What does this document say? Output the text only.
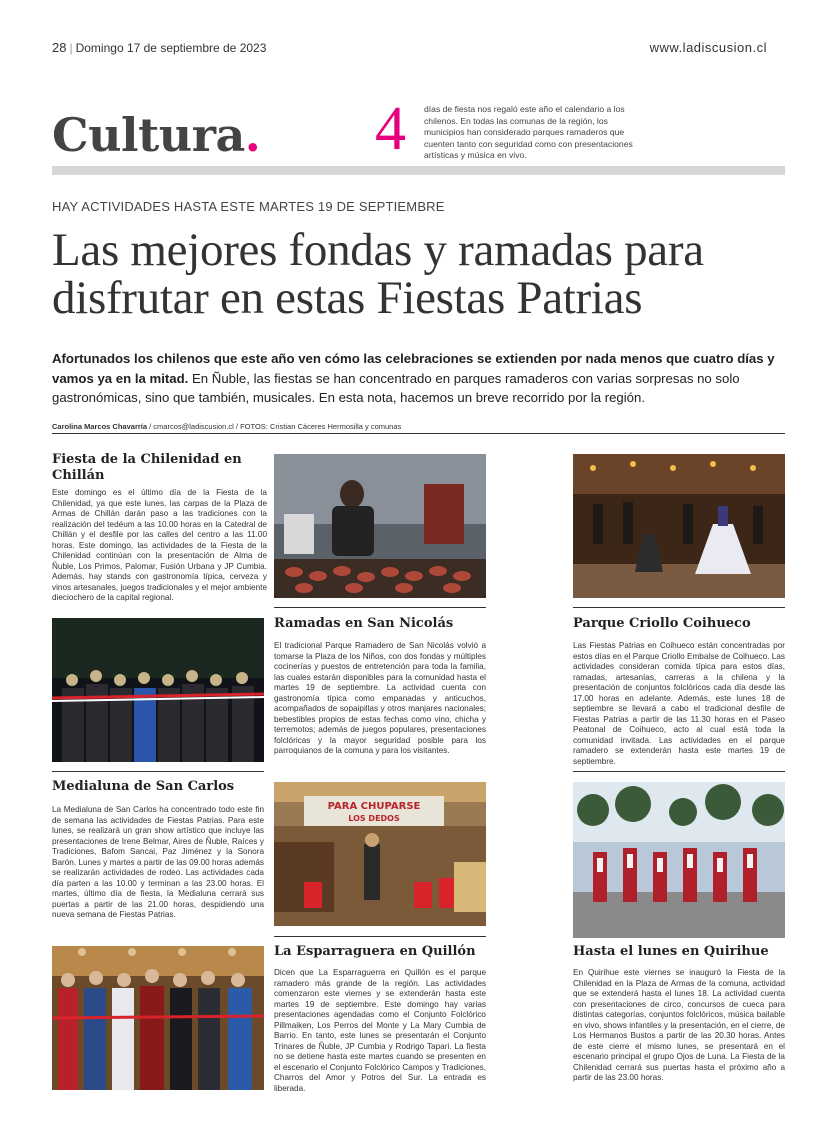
28 | Domingo 17 de septiembre de 2023	www.ladiscusion.cl
Cultura. 4 días de fiesta nos regaló este año el calendario a los chilenos. En todas las comunas de la región, los municipios han considerado parques ramaderos que cuenten tanto con seguridad como con presentaciones artísticas y música en vivo.
HAY ACTIVIDADES HASTA ESTE MARTES 19 DE SEPTIEMBRE
Las mejores fondas y ramadas para disfrutar en estas Fiestas Patrias
Afortunados los chilenos que este año ven cómo las celebraciones se extienden por nada menos que cuatro días y vamos ya en la mitad. En Ñuble, las fiestas se han concentrado en parques ramaderos con varias sorpresas no solo gastronómicas, sino que también, musicales. En esta nota, hacemos un breve recorrido por la región.
Carolina Marcos Chavarría / cmarcos@ladiscusion.cl / FOTOS: Cristian Cáceres Hermosilla y comunas
Fiesta de la Chilenidad en Chillán
Este domingo es el último día de la Fiesta de la Chilenidad, ya que este lunes, las carpas de la Plaza de Armas de Chillán darán paso a las tradiciones con la realización del tedéum a las 10.00 horas en la Catedral de Chillán y el desfile por las calles del centro a las 11.00 horas. Este domingo, las actividades de la Fiesta de la Chilenidad continúan con la presentación de Alma de Ñuble, Los Primos, Palomar, Fusión Urbana y JP Cumbia. Además, hay stands con gastronomía típica, cerveza y vinos artesanales, juegos tradicionales y el mejor ambiente dieciochero de la capital regional.
Ramadas en San Nicolás
El tradicional Parque Ramadero de San Nicolás volvió a tomarse la Plaza de los Niños, con dos fondas y múltiples cocinerías y puestos de entretención para toda la familia, las cuales estarán disponibles para la comunidad hasta el martes 19 de septiembre. La actividad cuenta con gastronomía típica como empanadas y anticuchos, acompañados de sopaipillas y otros manjares nacionales; bebestibles propios de estas fechas como vino, chicha y terremotos; además de juegos populares, presentaciones folclóricas y la mayor seguridad posible para los parroquianos de la comuna y para los visitantes.
Parque Criollo Coihueco
Las Fiestas Patrias en Coihueco están concentradas por estos días en el Parque Criollo Embalse de Coihueco. Las actividades consideran comida típica para estos días, ramadas, artesanías, carreras a la chilena y la presentación de conjuntos folclóricos cada día desde las 17.00 horas en adelante. Además, este lunes 18 de septiembre se llevará a cabo el tradicional desfile de Fiestas Patrias a partir de las 11.30 horas en el Paseo Peatonal de Coihueco, acto al cual está toda la comunidad invitada. Las actividades en el parque ramadero se extenderán hasta este martes 19 de septiembre.
Medialuna de San Carlos
La Medialuna de San Carlos ha concentrado todo este fin de semana las actividades de Fiestas Patrias. Para este lunes, se realizará un gran show artístico que incluye las presentaciones de Irene Belmar, Aires de Ñuble, Raíces y Tradiciones, Bafom Sancai, Paz Jiménez y la Sonora Barón. Lunes y martes a partir de las 09.00 horas además se realizarán actividades de rodeo. Las actividades cada día parten a las 10.00 y terminan a las 23.00 horas. El martes, último día de fiesta, la Medialuna cerrará sus puertas a partir de las 21.00 horas, despidiendo una nueva semana de Fiestas Patrias.
PARA CHUPARSE
LOS DEDOS
La Esparraguera en Quillón
Dicen que La Esparraguerra en Quillón es el parque ramadero más grande de la región. Las actividades comenzaron este viernes y se extenderán hasta este martes 19 de septiembre. Este domingo hay varias presentaciones agendadas como el Conjunto Folclórico Pillmaiken, Los Perros del Monte y La Mary Cumbia de Barrio. En tanto, este lunes se presentarán el Conjunto Trinares de Ñuble, JP Cumbia y Rodrigo Tapari. La fiesta no se detiene hasta este martes cuando se presenten en el escenario el Conjunto Folclórico Campos y Tradiciones, Charros del Amor y Potros del Sur. La entrada es liberada.
Hasta el lunes en Quirihue
En Quirihue este viernes se inauguró la Fiesta de la Chilenidad en la Plaza de Armas de la comuna, actividad que se extenderá hasta el lunes 18. La actividad cuenta con presentaciones de circo, concursos de cueca para distintas categorías, conjuntos folclóricos, música bailable en vivo, shows infantiles y la presentación, en el cierre, de Los Hermanos Bustos a partir de las 20.30 horas. Antes de este cierre el mismo lunes, se presentará en el escenario principal el grupo Ojos de Luna. La Fiesta de la Chilenidad cerrará sus puertas hasta el próximo año a partir de las 23.00 horas.
